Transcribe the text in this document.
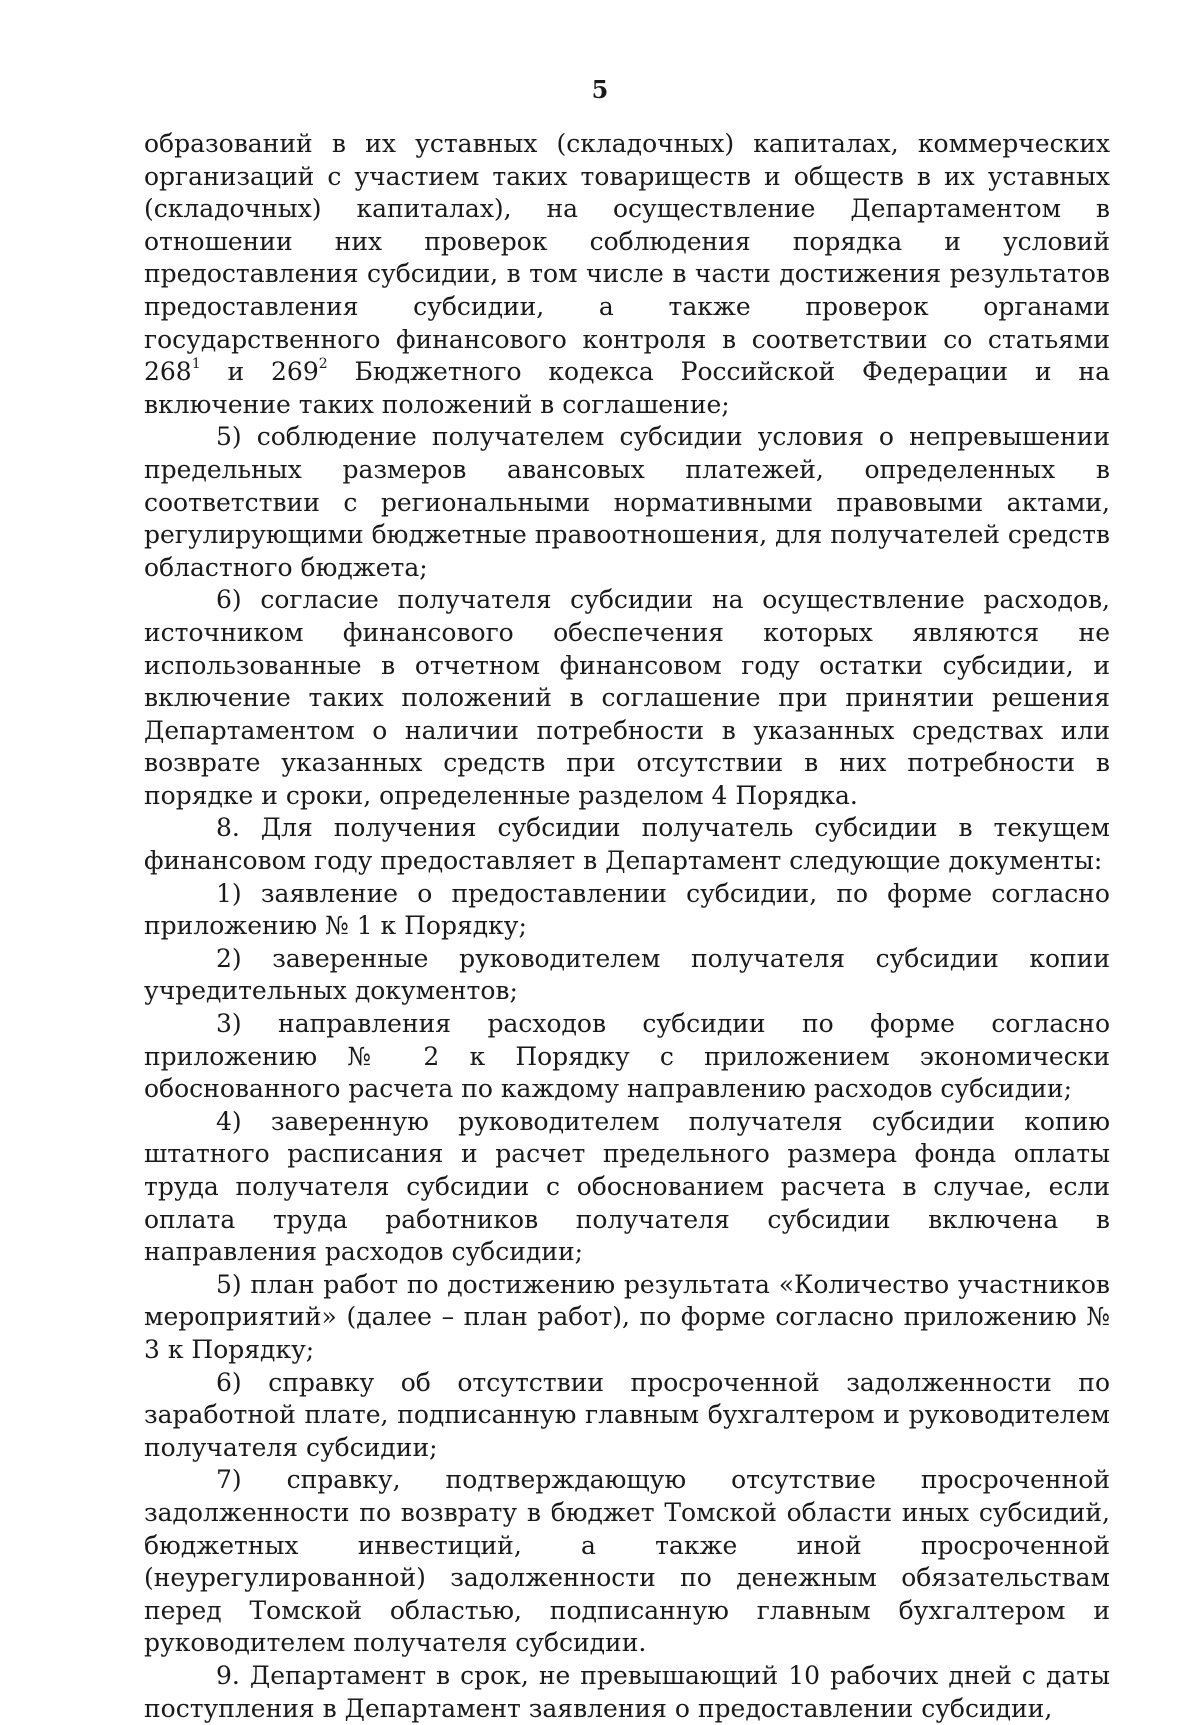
5

образований в их уставных (складочных) капиталах, коммерческих организаций с участием таких товариществ и обществ в их уставных (складочных) капиталах), на осуществление Департаментом в отношении них проверок соблюдения порядка и условий предоставления субсидии, в том числе в части достижения результатов предоставления субсидии, а также проверок органами государственного финансового контроля в соответствии со статьями $268^1$ и $269^2$ Бюджетного кодекса Российской Федерации и на включение таких положений в соглашение;

5) соблюдение получателем субсидии условия о непревышении предельных размеров авансовых платежей, определенных в соответствии с региональными нормативными правовыми актами, регулирующими бюджетные правоотношения, для получателей средств областного бюджета;

6) согласие получателя субсидии на осуществление расходов, источником финансового обеспечения которых являются не использованные в отчетном финансовом году остатки субсидии, и включение таких положений в соглашение при принятии решения Департаментом о наличии потребности в указанных средствах или возврате указанных средств при отсутствии в них потребности в порядке и сроки, определенные разделом 4 Порядка.

8. Для получения субсидии получатель субсидии в текущем финансовом году предоставляет в Департамент следующие документы:

1) заявление о предоставлении субсидии, по форме согласно приложению № 1 к Порядку;

2) заверенные руководителем получателя субсидии копии учредительных документов;

3) направления расходов субсидии по форме согласно приложению № 2 к Порядку с приложением экономически обоснованного расчета по каждому направлению расходов субсидии;

4) заверенную руководителем получателя субсидии копию штатного расписания и расчет предельного размера фонда оплаты труда получателя субсидии с обоснованием расчета в случае, если оплата труда работников получателя субсидии включена в направления расходов субсидии;

5) план работ по достижению результата «Количество участников мероприятий» (далее – план работ), по форме согласно приложению № 3 к Порядку;

6) справку об отсутствии просроченной задолженности по заработной плате, подписанную главным бухгалтером и руководителем получателя субсидии;

7) справку, подтверждающую отсутствие просроченной задолженности по возврату в бюджет Томской области иных субсидий, бюджетных инвестиций, а также иной просроченной (неурегулированной) задолженности по денежным обязательствам перед Томской областью, подписанную главным бухгалтером и руководителем получателя субсидии.

9. Департамент в срок, не превышающий 10 рабочих дней с даты поступления в Департамент заявления о предоставлении субсидии,
